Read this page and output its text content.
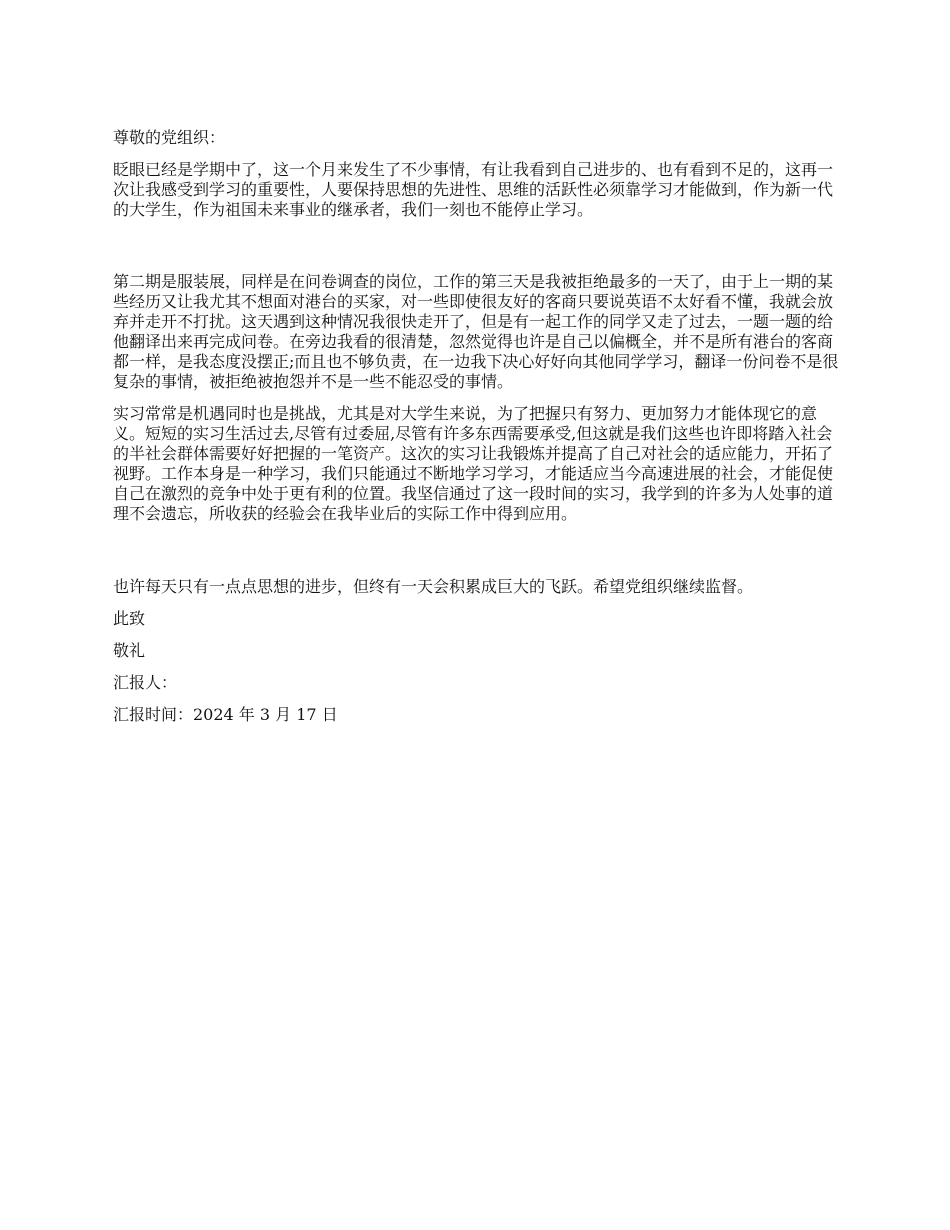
尊敬的党组织：

眨眼已经是学期中了，这一个月来发生了不少事情，有让我看到自己进步的、也有看到不足的，这再一次让我感受到学习的重要性，人要保持思想的先进性、思维的活跃性必须靠学习才能做到，作为新一代的大学生，作为祖国未来事业的继承者，我们一刻也不能停止学习。

第二期是服装展，同样是在问卷调查的岗位，工作的第三天是我被拒绝最多的一天了，由于上一期的某些经历又让我尤其不想面对港台的买家，对一些即使很友好的客商只要说英语不太好看不懂，我就会放弃并走开不打扰。这天遇到这种情况我很快走开了，但是有一起工作的同学又走了过去，一题一题的给他翻译出来再完成问卷。在旁边我看的很清楚，忽然觉得也许是自己以偏概全，并不是所有港台的客商都一样，是我态度没摆正;而且也不够负责，在一边我下决心好好向其他同学学习，翻译一份问卷不是很复杂的事情，被拒绝被抱怨并不是一些不能忍受的事情。

实习常常是机遇同时也是挑战，尤其是对大学生来说，为了把握只有努力、更加努力才能体现它的意义。短短的实习生活过去,尽管有过委屈,尽管有许多东西需要承受,但这就是我们这些也许即将踏入社会的半社会群体需要好好把握的一笔资产。这次的实习让我锻炼并提高了自己对社会的适应能力，开拓了视野。工作本身是一种学习，我们只能通过不断地学习学习，才能适应当今高速进展的社会，才能促使自己在激烈的竞争中处于更有利的位置。我坚信通过了这一段时间的实习，我学到的许多为人处事的道理不会遗忘，所收获的经验会在我毕业后的实际工作中得到应用。

也许每天只有一点点思想的进步，但终有一天会积累成巨大的飞跃。希望党组织继续监督。

此致

敬礼

汇报人：

汇报时间：2024 年 3 月 17 日
